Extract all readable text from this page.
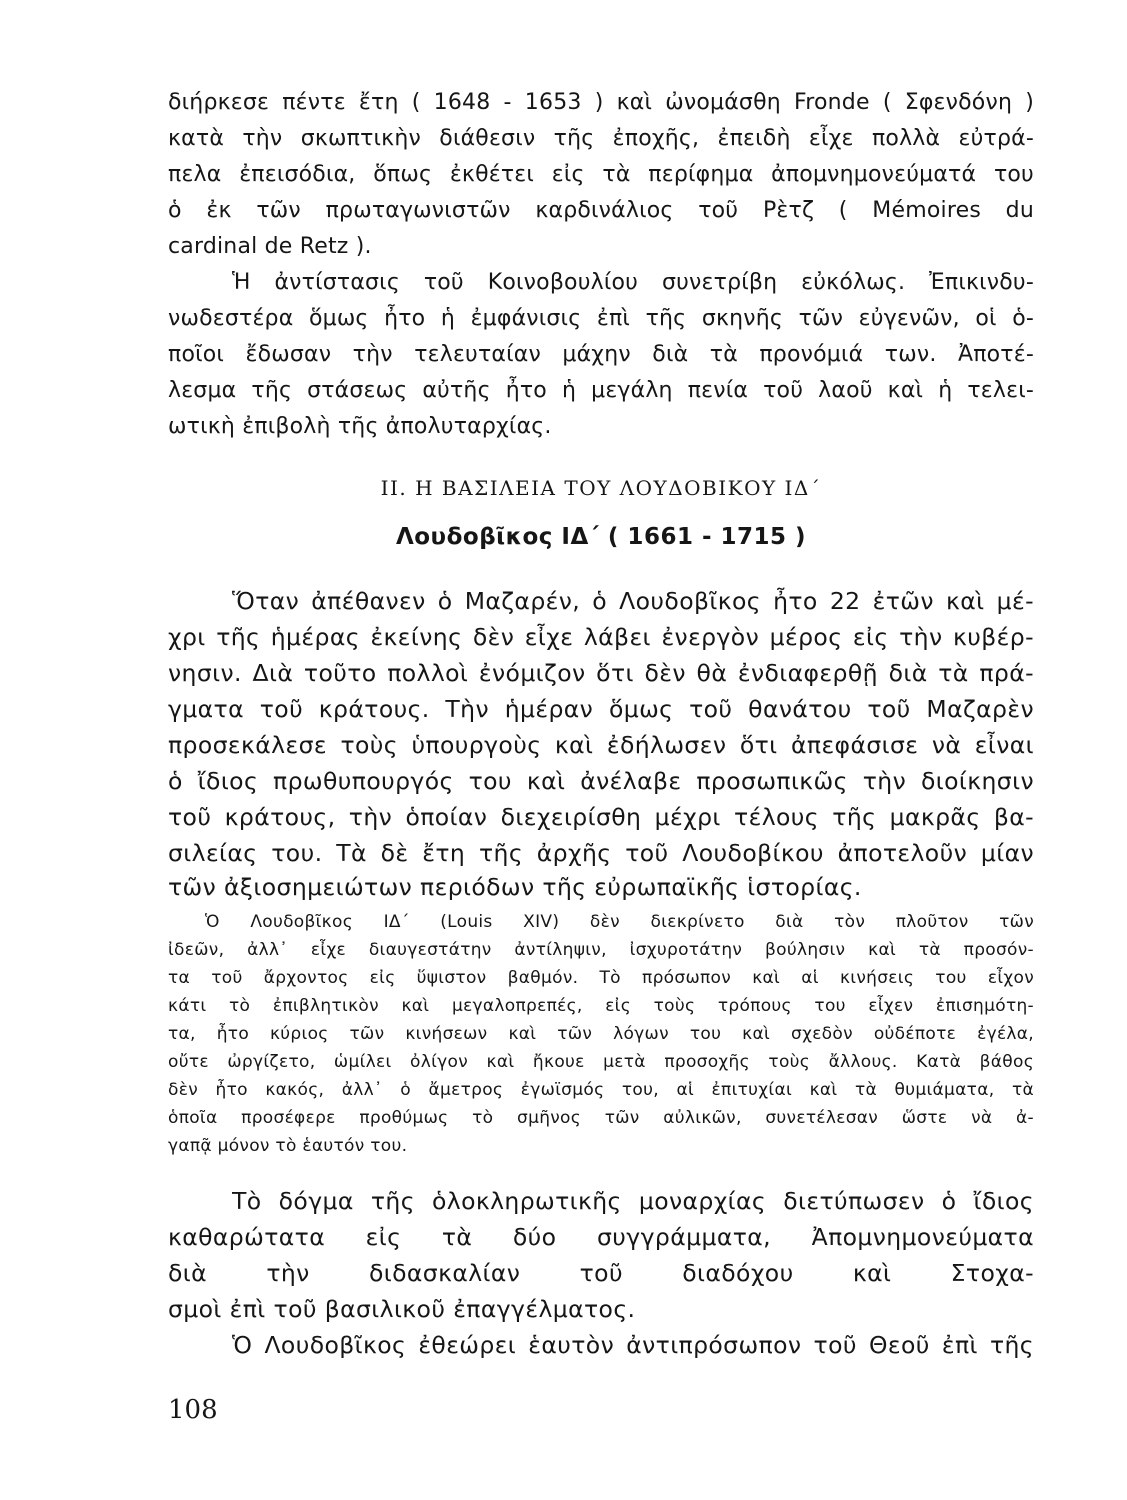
διήρκεσε πέντε ἔτη ( 1648 - 1653 ) καὶ ὠνομάσθη Fronde ( Σφενδόνη )
κατὰ τὴν σκωπτικὴν διάθεσιν τῆς ἐποχῆς, ἐπειδὴ εἶχε πολλὰ εὐτρά-
πελα ἐπεισόδια, ὅπως ἐκθέτει εἰς τὰ περίφημα ἀπομνημονεύματά του
ὁ ἐκ τῶν πρωταγωνιστῶν καρδινάλιος τοῦ Ρὲτζ ( Mémoires du
cardinal de Retz ).
Ἡ ἀντίστασις τοῦ Κοινοβουλίου συνετρίβη εὐκόλως. Ἐπικινδυ-
νωδεστέρα ὅμως ἦτο ἡ ἐμφάνισις ἐπὶ τῆς σκηνῆς τῶν εὐγενῶν, οἱ ὁ-
ποῖοι ἔδωσαν τὴν τελευταίαν μάχην διὰ τὰ προνόμιά των. Ἀποτέ-
λεσμα τῆς στάσεως αὐτῆς ἦτο ἡ μεγάλη πενία τοῦ λαοῦ καὶ ἡ τελει-
ωτικὴ ἐπιβολὴ τῆς ἀπολυταρχίας.
ΙΙ. Η ΒΑΣΙΛΕΙΑ ΤΟΥ ΛΟΥΔΟΒΙΚΟΥ ΙΔ΄
Λουδοβῖκος ΙΔ΄ ( 1661 - 1715 )
Ὅταν ἀπέθανεν ὁ Μαζαρέν, ὁ Λουδοβῖκος ἦτο 22 ἐτῶν καὶ μέ-
χρι τῆς ἡμέρας ἐκείνης δὲν εἶχε λάβει ἐνεργὸν μέρος εἰς τὴν κυβέρ-
νησιν. Διὰ τοῦτο πολλοὶ ἐνόμιζον ὅτι δὲν θὰ ἐνδιαφερθῇ διὰ τὰ πρά-
γματα τοῦ κράτους. Τὴν ἡμέραν ὅμως τοῦ θανάτου τοῦ Μαζαρὲν
προσεκάλεσε τοὺς ὑπουργοὺς καὶ ἐδήλωσεν ὅτι ἀπεφάσισε νὰ εἶναι
ὁ ἴδιος πρωθυπουργός του καὶ ἀνέλαβε προσωπικῶς τὴν διοίκησιν
τοῦ κράτους, τὴν ὁποίαν διεχειρίσθη μέχρι τέλους τῆς μακρᾶς βα-
σιλείας του. Τὰ δὲ ἔτη τῆς ἀρχῆς τοῦ Λουδοβίκου ἀποτελοῦν μίαν
τῶν ἀξιοσημειώτων περιόδων τῆς εὐρωπαϊκῆς ἱστορίας.
Ὁ Λουδοβῖκος ΙΔ΄ (Louis XIV) δὲν διεκρίνετο διὰ τὸν πλοῦτον τῶν
ἰδεῶν, ἀλλ᾽ εἶχε διαυγεστάτην ἀντίληψιν, ἰσχυροτάτην βούλησιν καὶ τὰ προσόν-
τα τοῦ ἄρχοντος εἰς ὕψιστον βαθμόν. Τὸ πρόσωπον καὶ αἱ κινήσεις του εἶχον
κάτι τὸ ἐπιβλητικὸν καὶ μεγαλοπρεπές, εἰς τοὺς τρόπους του εἶχεν ἐπισημότη-
τα, ἦτο κύριος τῶν κινήσεων καὶ τῶν λόγων του καὶ σχεδὸν οὐδέποτε ἐγέλα,
οὔτε ὠργίζετο, ὡμίλει ὀλίγον καὶ ἤκουε μετὰ προσοχῆς τοὺς ἄλλους. Κατὰ βάθος
δὲν ἦτο κακός, ἀλλ᾽ ὁ ἄμετρος ἐγωϊσμός του, αἱ ἐπιτυχίαι καὶ τὰ θυμιάματα, τὰ
ὁποῖα προσέφερε προθύμως τὸ σμῆνος τῶν αὐλικῶν, συνετέλεσαν ὥστε νὰ ἀ-
γαπᾷ μόνον τὸ ἑαυτόν του.
Τὸ δόγμα τῆς ὁλοκληρωτικῆς μοναρχίας διετύπωσεν ὁ ἴδιος
καθαρώτατα εἰς τὰ δύο συγγράμματα, Ἀπομνημονεύματα
διὰ τὴν διδασκαλίαν τοῦ διαδόχου καὶ Στοχα-
σμοὶ ἐπὶ τοῦ βασιλικοῦ ἐπαγγέλματος.
Ὁ Λουδοβῖκος ἐθεώρει ἑαυτὸν ἀντιπρόσωπον τοῦ Θεοῦ ἐπὶ τῆς
108
